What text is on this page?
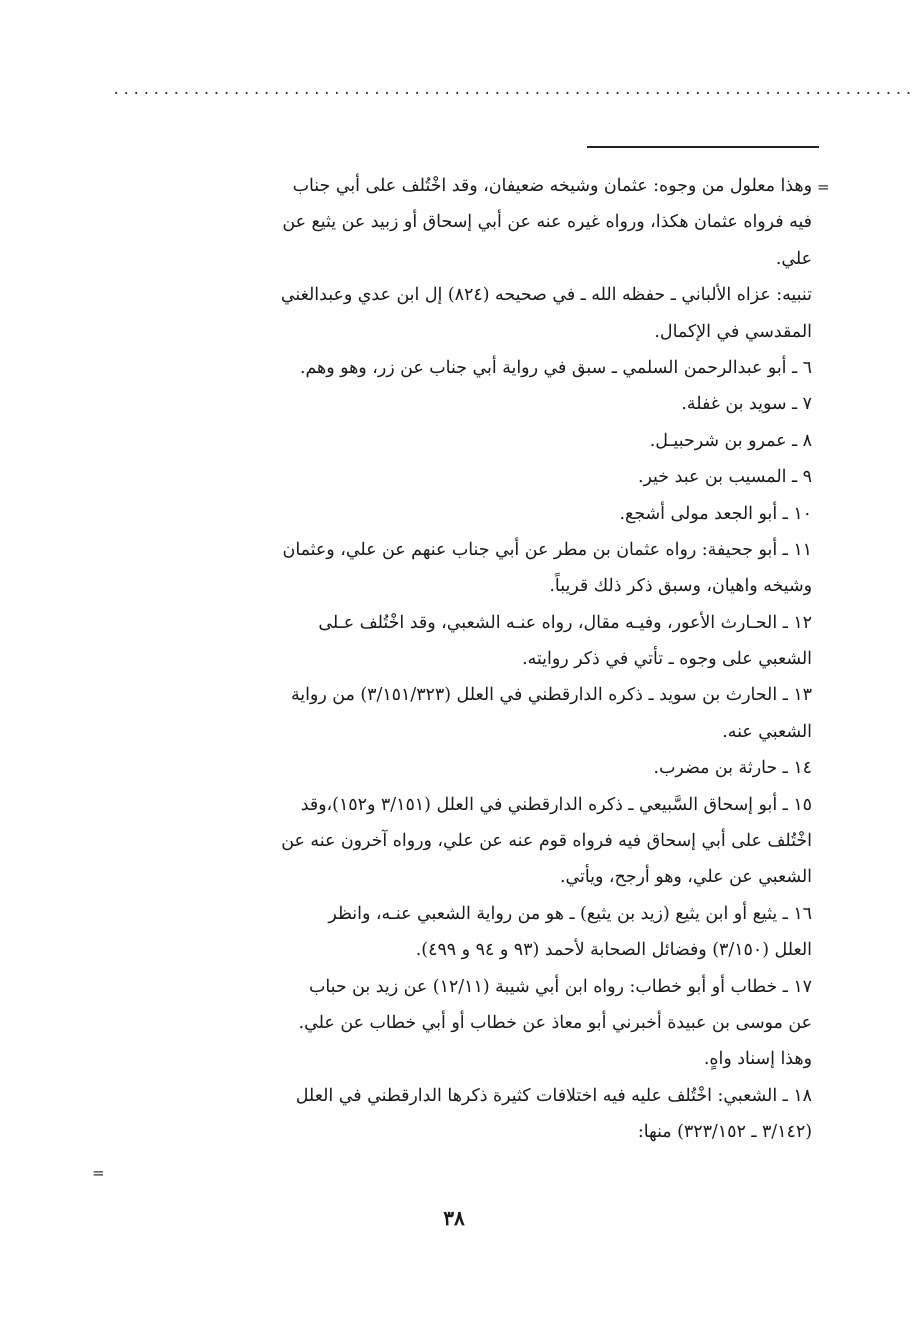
................................................................................
=
=
وهذا معلول من وجوه: عثمان وشيخه ضعيفان، وقد اخْتُلف على أبي جناب
فيه فرواه عثمان هكذا، ورواه غيره عنه عن أبي إسحاق أو زبيد عن يثيع عن
علي.
تنبيه: عزاه الألباني ـ حفظه الله ـ في صحيحه (٨٢٤) إل ابن عدي وعبدالغني
المقدسي في الإكمال.
٦ ـ أبو عبدالرحمن السلمي ـ سبق في رواية أبي جناب عن زر، وهو وهم.
٧ ـ سويد بن غفلة.
٨ ـ عمرو بن شرحبيـل.
٩ ـ المسيب بن عبد خير.
١٠ ـ أبو الجعد مولى أشجع.
١١ ـ أبو جحيفة: رواه عثمان بن مطر عن أبي جناب عنهم عن علي، وعثمان
وشيخه واهيان، وسبق ذكر ذلك قريباً.
١٢ ـ الحـارث الأعور، وفيـه مقال، رواه عنـه الشعبي، وقد اخْتُلف عـلى
الشعبي على وجوه ـ تأتي في ذكر روايته.
١٣ ـ الحارث بن سويد ـ ذكره الدارقطني في العلل (٣/١٥١/٣٢٣) من رواية
الشعبي عنه.
١٤ ـ حارثة بن مضرب.
١٥ ـ أبو إسحاق السَّبيعي ـ ذكره الدارقطني في العلل (٣/١٥١ و١٥٢)،وقد
اخْتُلف على أبي إسحاق فيه فرواه قوم عنه عن علي، ورواه آخرون عنه عن
الشعبي عن علي، وهو أرجح، ويأتي.
١٦ ـ يثيع أو ابن يثيع (زيد بن يثيع) ـ هو من رواية الشعبي عنـه، وانظر
العلل (٣/١٥٠) وفضائل الصحابة لأحمد (٩٣ و ٩٤ و ٤٩٩).
١٧ ـ خطاب أو أبو خطاب: رواه ابن أبي شيبة (١٢/١١) عن زيد بن حباب
عن موسى بن عبيدة أخبرني أبو معاذ عن خطاب أو أبي خطاب عن علي.
وهذا إسناد واهٍ.
١٨ ـ الشعبي: اخْتُلف عليه فيه اختلافات كثيرة ذكرها الدارقطني في العلل
(٣/١٤٢ ـ ٣٢٣/١٥٢) منها:
٣٨
